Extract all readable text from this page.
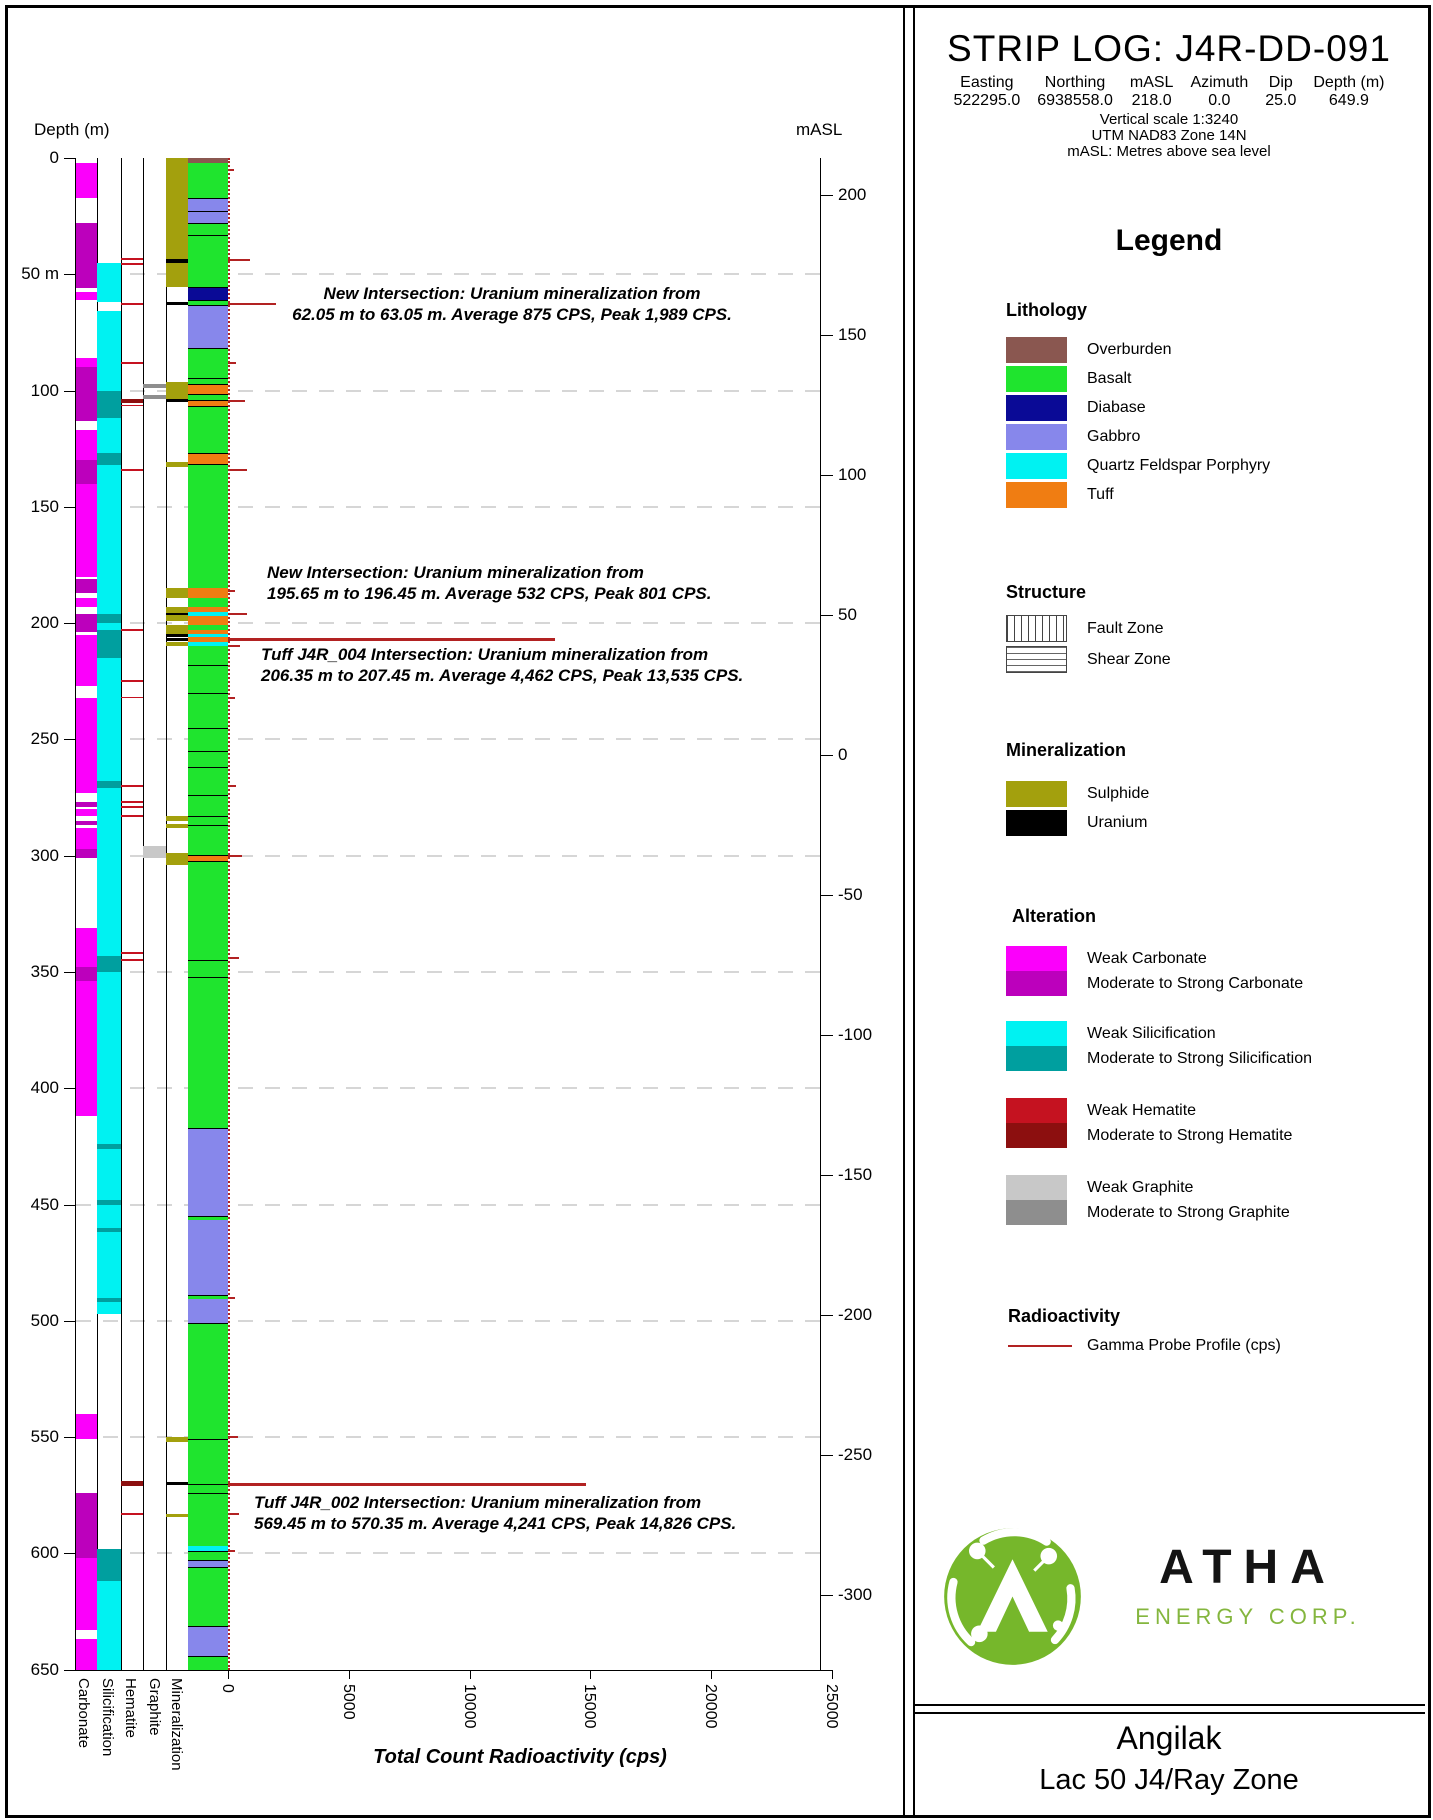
Depth (m)	mASL
Total Count Radioactivity (cps)
STRIP LOG: J4R-DD-091
Easting
522295.0
Northing
6938558.0
mASL
218.0
Azimuth
0.0
Dip
25.0
Depth (m)
649.9
Vertical scale 1:3240
UTM NAD83 Zone 14N
mASL: Metres above sea level
Legend
Lithology
Structure
Mineralization
Alteration
Radioactivity
ATHA
ENERGY CORP.
Angilak
Lac 50 J4/Ray Zone
0	5000	10000	15000	20000	25000
0
50 m
100
150
200
250
300
350
400
450
500
550
600
650
200
150
100
50
0
-50
-100
-150
-200
-250
-300
Carbonate Silicification Hematite Graphite Mineralization
New Intersection: Uranium mineralization from
62.05 m to 63.05 m. Average 875 CPS, Peak 1,989 CPS.
New Intersection: Uranium mineralization from
195.65 m to 196.45 m. Average 532 CPS, Peak 801 CPS.
Tuff J4R_004 Intersection: Uranium mineralization from
206.35 m to 207.45 m. Average 4,462 CPS, Peak 13,535 CPS.
Tuff J4R_002 Intersection: Uranium mineralization from
569.45 m to 570.35 m. Average 4,241 CPS, Peak 14,826 CPS.
Overburden
Basalt
Diabase
Gabbro
Quartz Feldspar Porphyry
Tuff
Fault Zone
Shear Zone
Sulphide
Uranium
Weak Carbonate
Moderate to Strong Carbonate
Weak Silicification
Moderate to Strong Silicification
Weak Hematite
Moderate to Strong Hematite
Weak Graphite
Moderate to Strong Graphite
Gamma Probe Profile (cps)
